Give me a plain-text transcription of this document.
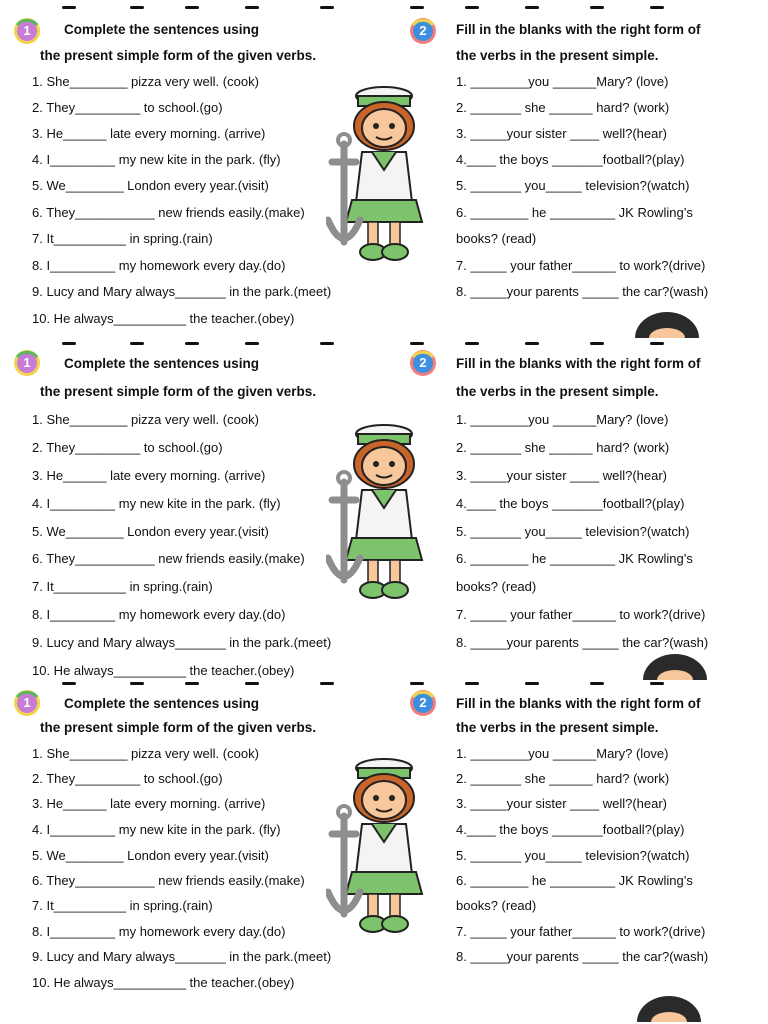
1	Complete the sentences using
the present simple form of the given verbs.
1. She________ pizza very well. (cook)
2. They_________ to school.(go)
3. He______ late every morning. (arrive)
4. I_________ my new kite in the park. (fly)
5. We________ London every year.(visit)
6. They___________ new friends easily.(make)
7. It__________ in spring.(rain)
8. I_________ my homework every day.(do)
9. Lucy and Mary always_______ in the park.(meet)
10. He always__________ the teacher.(obey)
2	Fill in the blanks with the right form of
the verbs in the present simple.
1. ________you ______Mary? (love)
2. _______ she ______ hard? (work)
3. _____your sister ____ well?(hear)
4.____ the boys _______football?(play)
5. _______ you_____ television?(watch)
6. ________ he _________ JK Rowling’s
books? (read)
7. _____ your father______ to work?(drive)
8. _____your parents _____ the car?(wash)
1	Complete the sentences using
the present simple form of the given verbs.
1. She________ pizza very well. (cook)
2. They_________ to school.(go)
3. He______ late every morning. (arrive)
4. I_________ my new kite in the park. (fly)
5. We________ London every year.(visit)
6. They___________ new friends easily.(make)
7. It__________ in spring.(rain)
8. I_________ my homework every day.(do)
9. Lucy and Mary always_______ in the park.(meet)
10. He always__________ the teacher.(obey)
2	Fill in the blanks with the right form of
the verbs in the present simple.
1. ________you ______Mary? (love)
2. _______ she ______ hard? (work)
3. _____your sister ____ well?(hear)
4.____ the boys _______football?(play)
5. _______ you_____ television?(watch)
6. ________ he _________ JK Rowling’s
books? (read)
7. _____ your father______ to work?(drive)
8. _____your parents _____ the car?(wash)
1	Complete the sentences using
the present simple form of the given verbs.
1. She________ pizza very well. (cook)
2. They_________ to school.(go)
3. He______ late every morning. (arrive)
4. I_________ my new kite in the park. (fly)
5. We________ London every year.(visit)
6. They___________ new friends easily.(make)
7. It__________ in spring.(rain)
8. I_________ my homework every day.(do)
9. Lucy and Mary always_______ in the park.(meet)
10. He always__________ the teacher.(obey)
2	Fill in the blanks with the right form of
the verbs in the present simple.
1. ________you ______Mary? (love)
2. _______ she ______ hard? (work)
3. _____your sister ____ well?(hear)
4.____ the boys _______football?(play)
5. _______ you_____ television?(watch)
6. ________ he _________ JK Rowling’s
books? (read)
7. _____ your father______ to work?(drive)
8. _____your parents _____ the car?(wash)
